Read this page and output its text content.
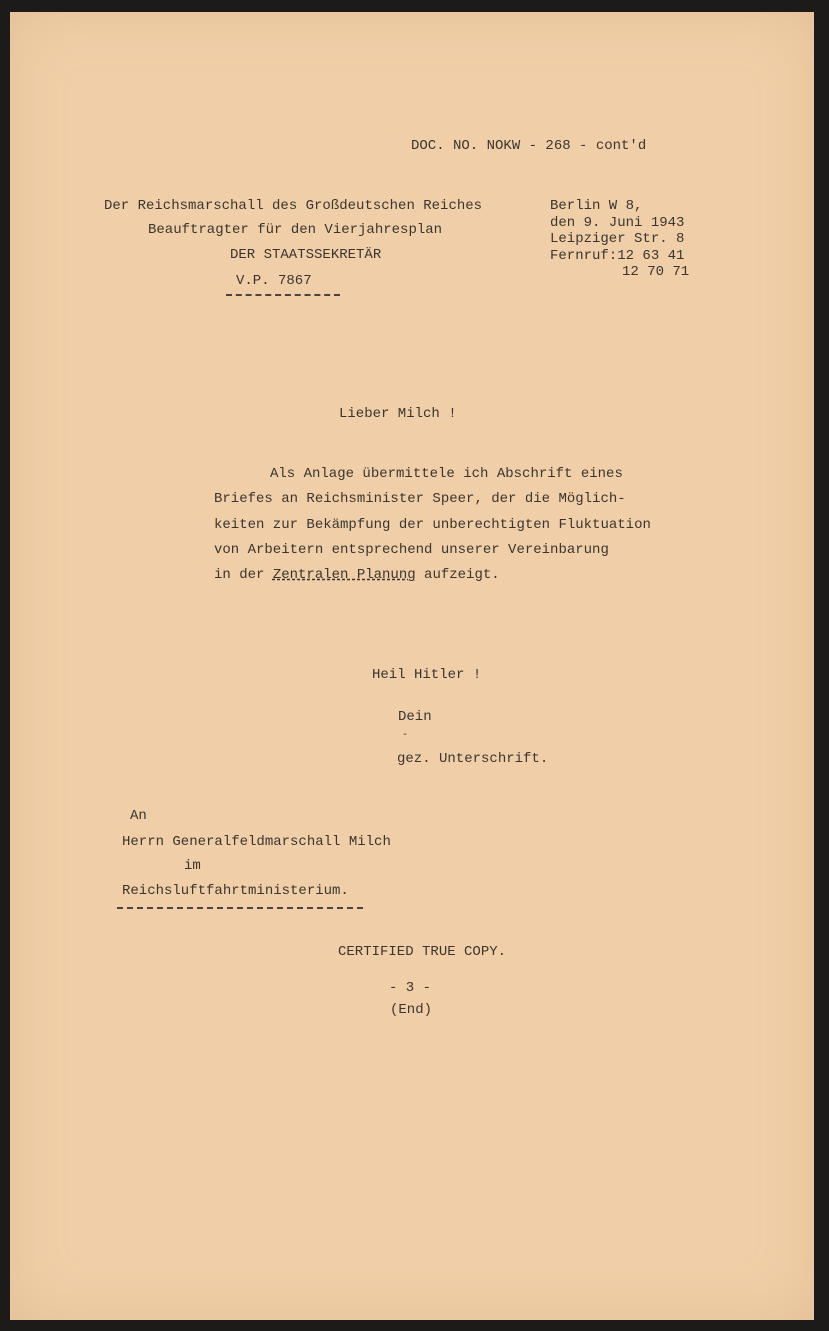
DOC. NO. NOKW - 268 - cont'd
Der Reichsmarschall des Großdeutschen Reiches
Beauftragter für den Vierjahresplan
DER STAATSSEKRETÄR
V.P. 7867
Berlin W 8,
den 9. Juni 1943
Leipziger Str. 8
Fernruf:12 63 41
12 70 71
Lieber Milch !
Als Anlage übermittele ich Abschrift eines
Briefes an Reichsminister Speer, der die Möglich-
keiten zur Bekämpfung der unberechtigten Fluktuation
von Arbeitern entsprechend unserer Vereinbarung
in der Zentralen Planung aufzeigt.
Heil Hitler !
Dein
-
gez. Unterschrift.
An
Herrn Generalfeldmarschall Milch
im
Reichsluftfahrtministerium.
CERTIFIED TRUE COPY.
- 3 -
(End)
